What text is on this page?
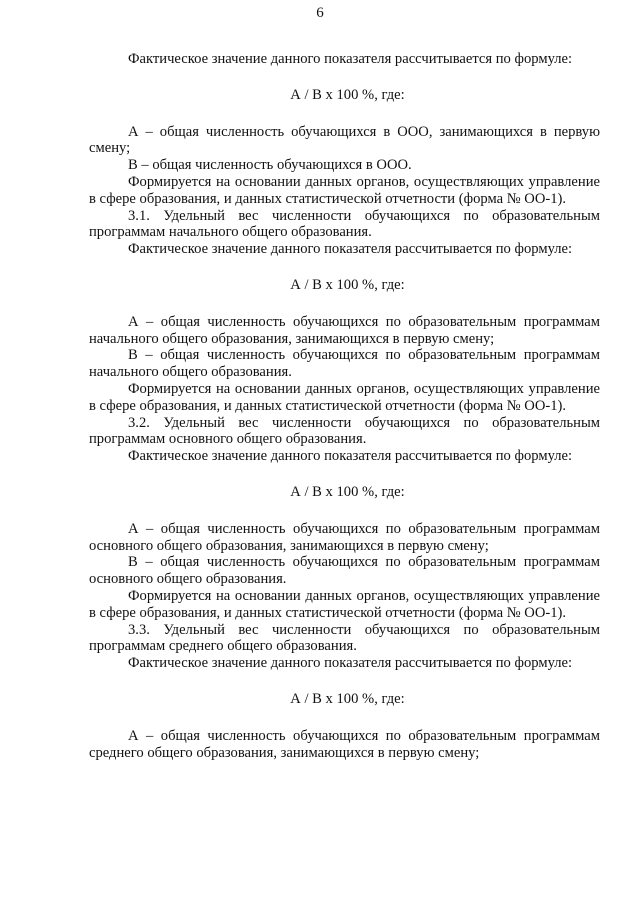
6

Фактическое значение данного показателя рассчитывается по формуле:

А / В х 100 %, где:

А – общая численность обучающихся в ООО, занимающихся в первую смену;

В – общая численность обучающихся в ООО.

Формируется на основании данных органов, осуществляющих управление в сфере образования, и данных статистической отчетности (форма № ОО-1).

3.1. Удельный вес численности обучающихся по образовательным программам начального общего образования.

Фактическое значение данного показателя рассчитывается по формуле:

А / В х 100 %, где:

А – общая численность обучающихся по образовательным программам начального общего образования, занимающихся в первую смену;

В – общая численность обучающихся по образовательным программам начального общего образования.

Формируется на основании данных органов, осуществляющих управление в сфере образования, и данных статистической отчетности (форма № ОО-1).

3.2. Удельный вес численности обучающихся по образовательным программам основного общего образования.

Фактическое значение данного показателя рассчитывается по формуле:

А / В х 100 %, где:

А – общая численность обучающихся по образовательным программам основного общего образования, занимающихся в первую смену;

В – общая численность обучающихся по образовательным программам основного общего образования.

Формируется на основании данных органов, осуществляющих управление в сфере образования, и данных статистической отчетности (форма № ОО-1).

3.3. Удельный вес численности обучающихся по образовательным программам среднего общего образования.

Фактическое значение данного показателя рассчитывается по формуле:

А / В х 100 %, где:

А – общая численность обучающихся по образовательным программам среднего общего образования, занимающихся в первую смену;
